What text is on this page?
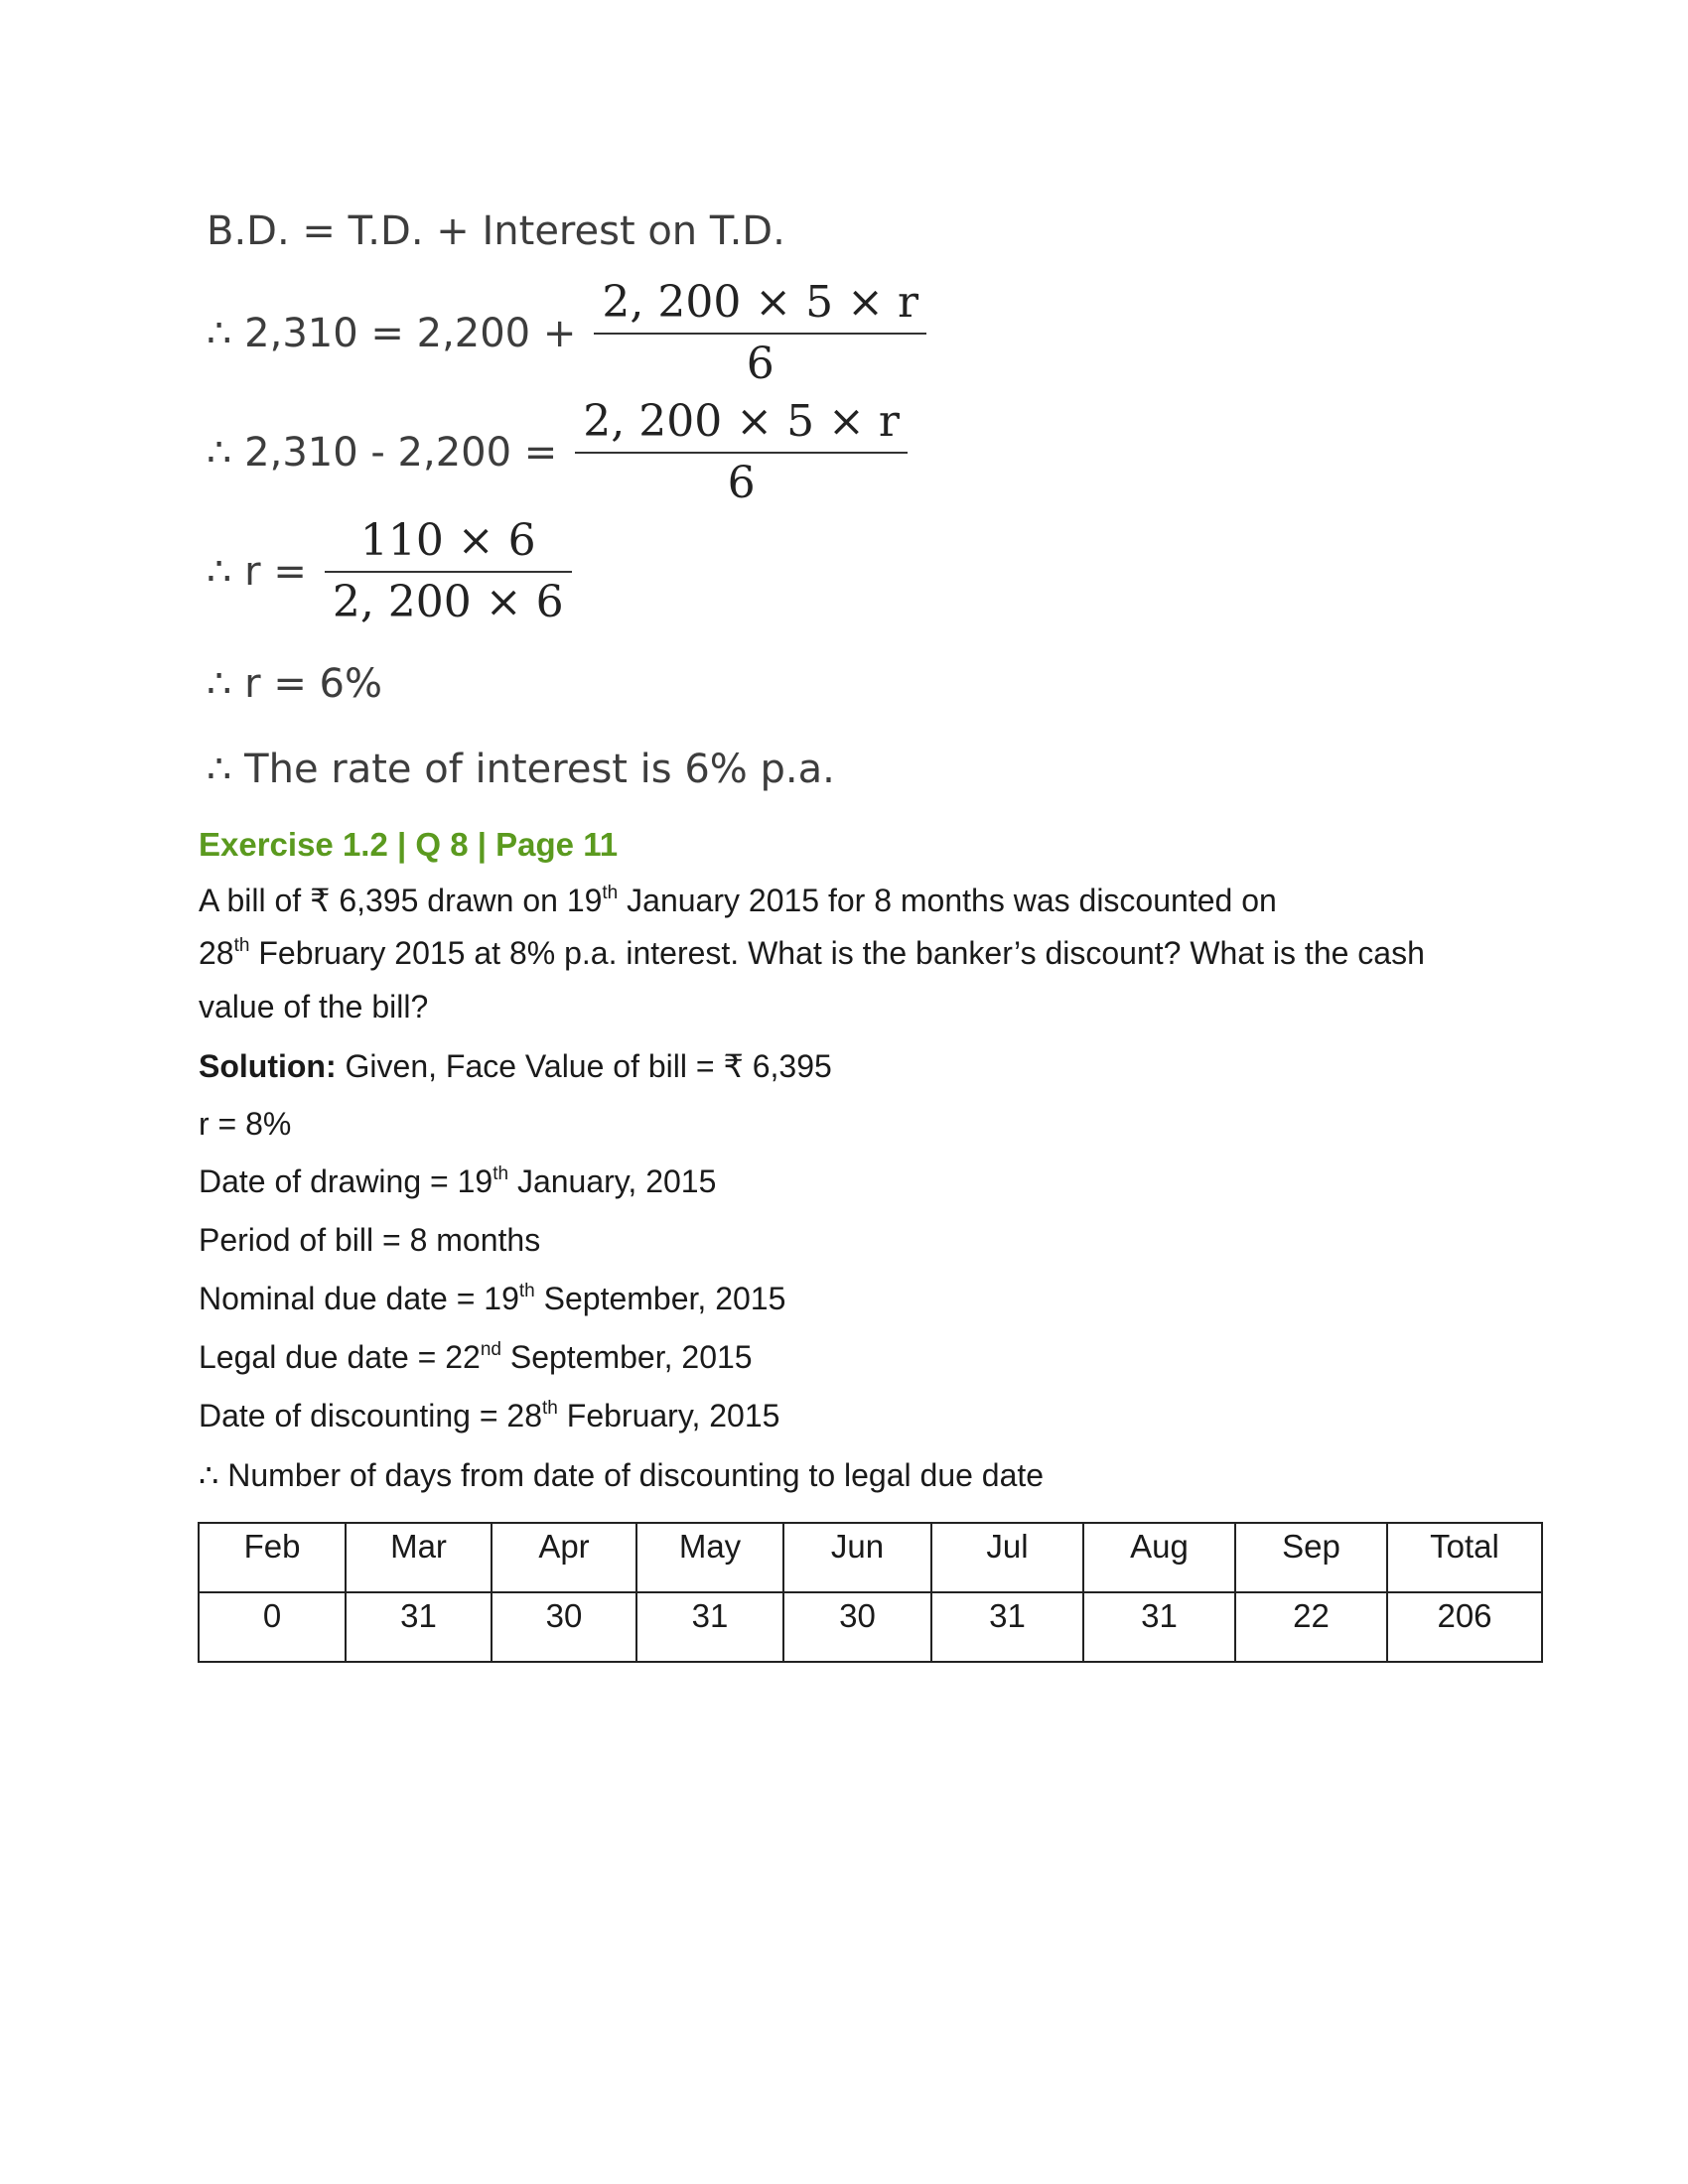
B.D. = T.D. + Interest on T.D.
∴ $2,310 = 2,200 + \frac{2, 200 \times 5 \times r}{6}$
∴ $2,310 - 2,200 = \frac{2, 200 \times 5 \times r}{6}$
∴ $r = \frac{110 \times 6}{2, 200 \times 6}$
∴ r = 6%
∴ The rate of interest is 6% p.a.
Exercise 1.2 | Q 8 | Page 11
A bill of ₹ 6,395 drawn on 19th January 2015 for 8 months was discounted on
28th February 2015 at 8% p.a. interest. What is the banker’s discount? What is the cash
value of the bill?
Solution: Given, Face Value of bill = ₹ 6,395
r = 8%
Date of drawing = 19th January, 2015
Period of bill = 8 months
Nominal due date = 19th September, 2015
Legal due date = 22nd September, 2015
Date of discounting = 28th February, 2015
∴ Number of days from date of discounting to legal due date
Feb	Mar	Apr	May	Jun	Jul	Aug	Sep	Total
0	31	30	31	30	31	31	22	206
